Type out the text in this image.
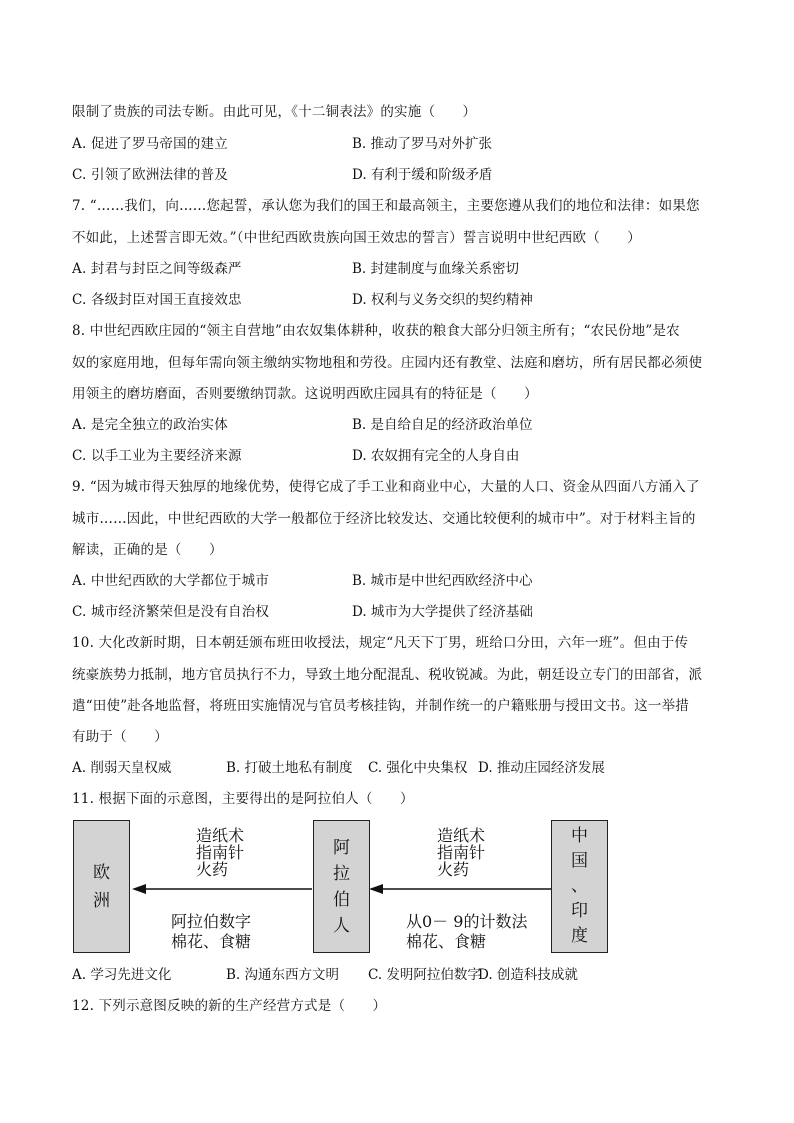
限制了贵族的司法专断。由此可见，《十二铜表法》的实施（　　）
A. 促进了罗马帝国的建立	B. 推动了罗马对外扩张
C. 引领了欧洲法律的普及	D. 有利于缓和阶级矛盾
7. “……我们，向……您起誓，承认您为我们的国王和最高领主，主要您遵从我们的地位和法律：如果您
不如此，上述誓言即无效。”（中世纪西欧贵族向国王效忠的誓言）誓言说明中世纪西欧（　　）
A. 封君与封臣之间等级森严	B. 封建制度与血缘关系密切
C. 各级封臣对国王直接效忠	D. 权利与义务交织的契约精神
8. 中世纪西欧庄园的“领主自营地”由农奴集体耕种，收获的粮食大部分归领主所有；“农民份地”是农
奴的家庭用地，但每年需向领主缴纳实物地租和劳役。庄园内还有教堂、法庭和磨坊，所有居民都必须使
用领主的磨坊磨面，否则要缴纳罚款。这说明西欧庄园具有的特征是（　　）
A. 是完全独立的政治实体	B. 是自给自足的经济政治单位
C. 以手工业为主要经济来源	D. 农奴拥有完全的人身自由
9. “因为城市得天独厚的地缘优势，使得它成了手工业和商业中心，大量的人口、资金从四面八方涌入了
城市……因此，中世纪西欧的大学一般都位于经济比较发达、交通比较便利的城市中”。对于材料主旨的
解读，正确的是（　　）
A. 中世纪西欧的大学都位于城市	B. 城市是中世纪西欧经济中心
C. 城市经济繁荣但是没有自治权	D. 城市为大学提供了经济基础
10. 大化改新时期，日本朝廷颁布班田收授法，规定“凡天下丁男，班给口分田，六年一班”。但由于传
统豪族势力抵制，地方官员执行不力，导致土地分配混乱、税收锐减。为此，朝廷设立专门的田部省，派
遣“田使”赴各地监督，将班田实施情况与官员考核挂钩，并制作统一的户籍账册与授田文书。这一举措
有助于（　　）
A. 削弱天皇权威	B. 打破土地私有制度 C. 强化中央集权 D. 推动庄园经济发展
11. 根据下面的示意图，主要得出的是阿拉伯人（　　）
欧
洲
阿
拉
伯
人
中
国
、
印
度
造纸术
指南针
火药
阿拉伯数字
棉花、食糖
造纸术
指南针
火药
从0－ 9的计数法
棉花、食糖
A. 学习先进文化	B. 沟通东西方文明 C. 发明阿拉伯数字D. 创造科技成就
12. 下列示意图反映的新的生产经营方式是（　　）
